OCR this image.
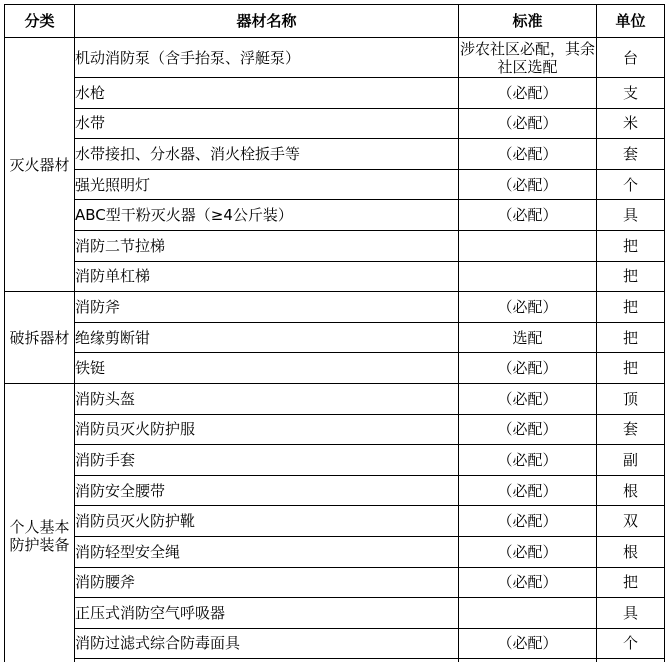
分类	器材名称	标准	单位
灭火器材	机动消防泵（含手抬泵、浮艇泵）	涉农社区必配，其余社区选配	台
	水枪	（必配）	支
	水带	（必配）	米
	水带接扣、分水器、消火栓扳手等	（必配）	套
	强光照明灯	（必配）	个
	ABC型干粉灭火器（≥4公斤装）	（必配）	具
	消防二节拉梯		把
	消防单杠梯		把
破拆器材	消防斧	（必配）	把
	绝缘剪断钳	选配	把
	铁铤	（必配）	把
个人基本防护装备	消防头盔	（必配）	顶
	消防员灭火防护服	（必配）	套
	消防手套	（必配）	副
	消防安全腰带	（必配）	根
	消防员灭火防护靴	（必配）	双
	消防轻型安全绳	（必配）	根
	消防腰斧	（必配）	把
	正压式消防空气呼吸器		具
	消防过滤式综合防毒面具	（必配）	个
